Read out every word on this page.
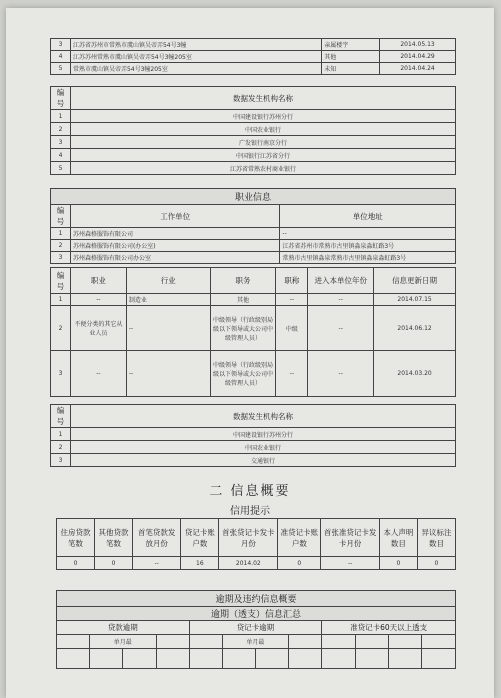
3	江苏省苏州市常熟市虞山镇吴帝弄54号3幢	亲属楼宇	2014.05.13
4	江苏苏州常熟市虞山镇吴帝弄54号3幢205室	其他	2014.04.29
5	常熟市虞山镇吴帝弄54号3幢205室	未知	2014.04.24
编号	数据发生机构名称
1	中国建设银行苏州分行
2	中国农业银行
3	广发银行南京分行
4	中国银行江苏省分行
5	江苏省常熟农村商业银行
职业信息		
编号	工作单位	单位地址
1	苏州森格服饰有限公司	--
2	苏州森格服饰有限公司(办公室)	江苏省苏州市常熟市古里镇淼泉淼虹路3号
3	苏州森格服饰有限公司办公室	常熟市古里镇淼泉常熟市古里镇淼泉淼虹路3号
编号	职业	行业	职务	职称	进入本单位年份	信息更新日期
1	--	制造业	其他	--	--	2014.07.15
2	不便分类的其它从业人员	--	中级领导（行政级别局级以下领导或大公司中级管理人员）	中级	--	2014.06.12
3	--	--	中级领导（行政级别局级以下领导或大公司中级管理人员）	--	--	2014.03.20
编号	数据发生机构名称
1	中国建设银行苏州分行
2	中国农业银行
3	交通银行
二 信息概要
信用提示
住房贷款笔数	其他贷款笔数	首笔贷款发放月份	贷记卡账户数	首张贷记卡发卡月份	准贷记卡账户数	首张准贷记卡发卡月份	本人声明数目	异议标注数目
0	0	--	16	2014.02	0	--	0	0
逾期及违约信息概要											
逾期（透支）信息汇总											
贷款逾期				贷记卡逾期				准贷记卡60天以上透支			
	单月最				单月最						
